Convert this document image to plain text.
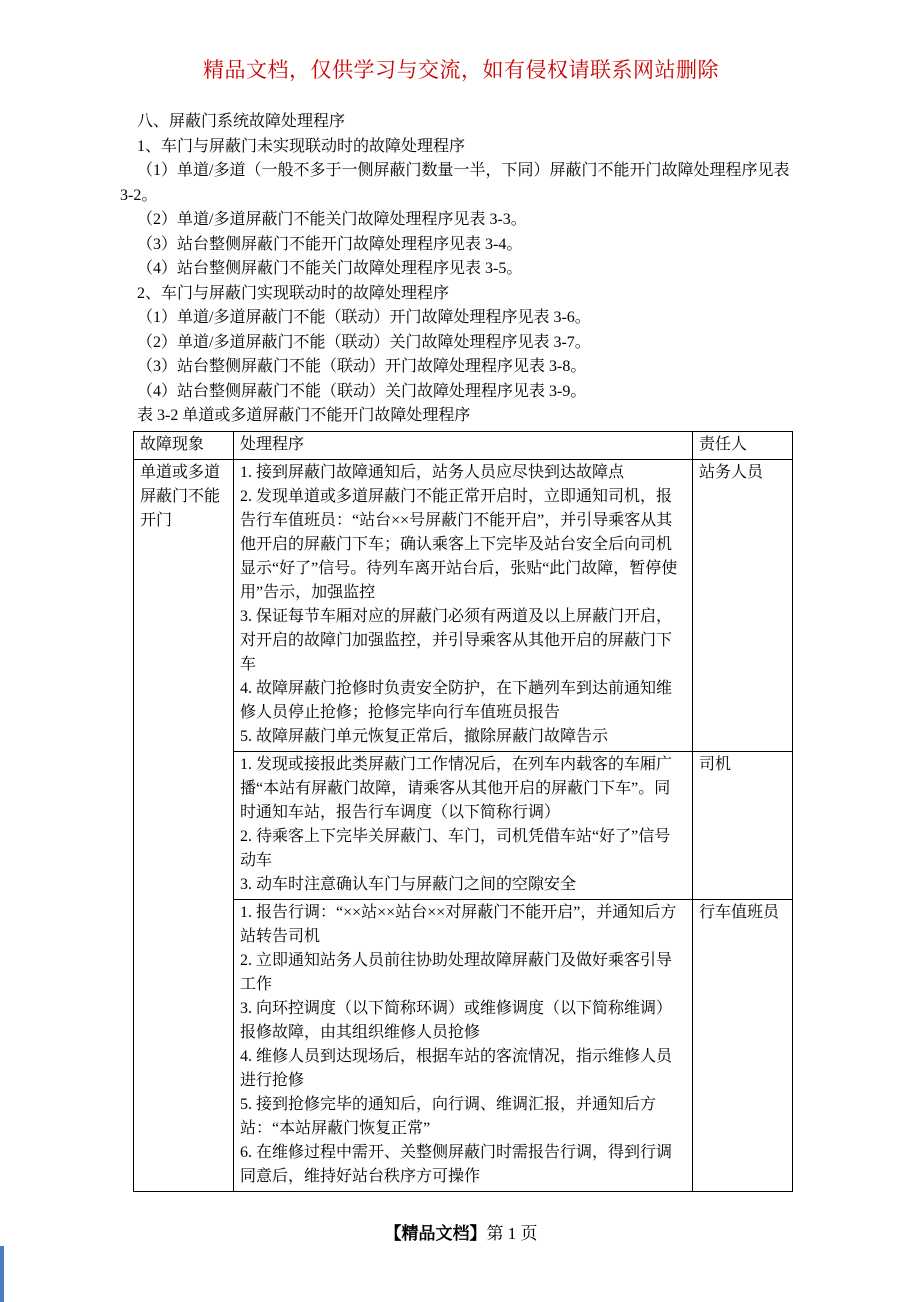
精品文档，仅供学习与交流，如有侵权请联系网站删除

八、屏蔽门系统故障处理程序

1、车门与屏蔽门未实现联动时的故障处理程序

（1）单道/多道（一般不多于一侧屏蔽门数量一半，下同）屏蔽门不能开门故障处理程序见表 3-2。

（2）单道/多道屏蔽门不能关门故障处理程序见表 3-3。

（3）站台整侧屏蔽门不能开门故障处理程序见表 3-4。

（4）站台整侧屏蔽门不能关门故障处理程序见表 3-5。

2、车门与屏蔽门实现联动时的故障处理程序

（1）单道/多道屏蔽门不能（联动）开门故障处理程序见表 3-6。

（2）单道/多道屏蔽门不能（联动）关门故障处理程序见表 3-7。

（3）站台整侧屏蔽门不能（联动）开门故障处理程序见表 3-8。

（4）站台整侧屏蔽门不能（联动）关门故障处理程序见表 3-9。

表 3-2 单道或多道屏蔽门不能开门故障处理程序

故障现象	处理程序	责任人
单道或多道屏蔽门不能开门	1. 接到屏蔽门故障通知后，站务人员应尽快到达故障点
2. 发现单道或多道屏蔽门不能正常开启时，立即通知司机，报告行车值班员：“站台××号屏蔽门不能开启”，并引导乘客从其他开启的屏蔽门下车；确认乘客上下完毕及站台安全后向司机显示“好了”信号。待列车离开站台后，张贴“此门故障，暂停使用”告示，加强监控
3. 保证每节车厢对应的屏蔽门必须有两道及以上屏蔽门开启，对开启的故障门加强监控，并引导乘客从其他开启的屏蔽门下车
4. 故障屏蔽门抢修时负责安全防护，在下趟列车到达前通知维修人员停止抢修；抢修完毕向行车值班员报告
5. 故障屏蔽门单元恢复正常后，撤除屏蔽门故障告示	站务人员

	1. 发现或接报此类屏蔽门工作情况后，在列车内载客的车厢广播“本站有屏蔽门故障，请乘客从其他开启的屏蔽门下车”。同时通知车站，报告行车调度（以下简称行调）
2. 待乘客上下完毕关屏蔽门、车门，司机凭借车站“好了”信号动车
3. 动车时注意确认车门与屏蔽门之间的空隙安全	司机

1. 报告行调：“××站××站台××对屏蔽门不能开启”，并通知后方站转告司机
2. 立即通知站务人员前往协助处理故障屏蔽门及做好乘客引导工作
3. 向环控调度（以下简称环调）或维修调度（以下简称维调）报修故障，由其组织维修人员抢修
4. 维修人员到达现场后，根据车站的客流情况，指示维修人员进行抢修
5. 接到抢修完毕的通知后，向行调、维调汇报，并通知后方站：“本站屏蔽门恢复正常”
6. 在维修过程中需开、关整侧屏蔽门时需报告行调，得到行调同意后，维持好站台秩序方可操作
	行车值班员
【精品文档】第 1 页
